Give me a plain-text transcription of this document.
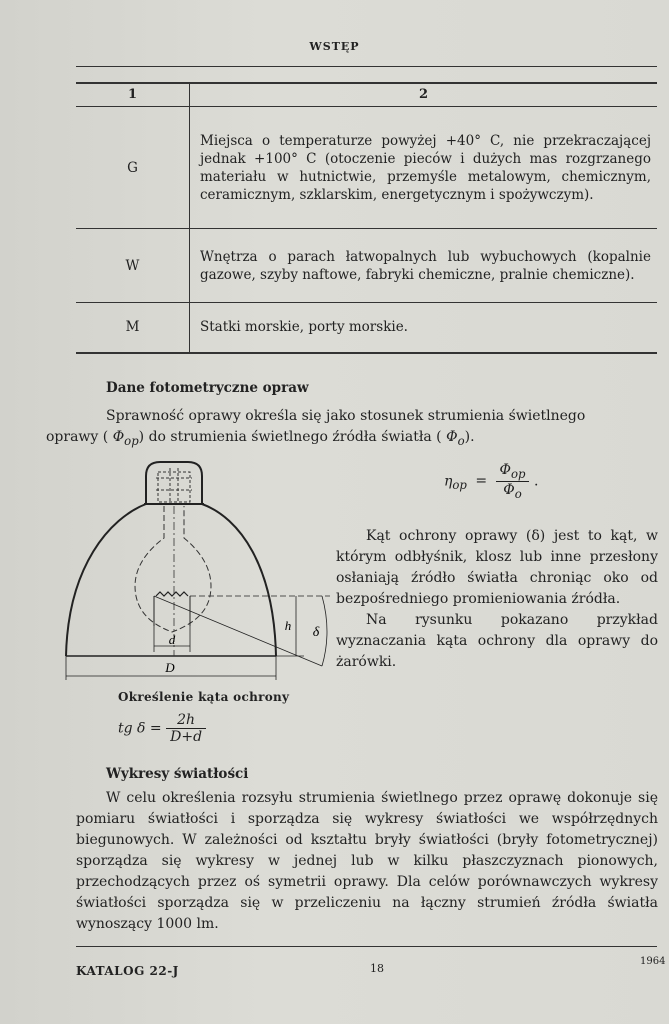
WSTĘP
1	2
G	Miejsca o temperaturze powyżej +40° C, nie przekraczającej jednak +100° C (otoczenie pieców i dużych mas rozgrzanego materiału w hutnictwie, przemyśle metalowym, chemicznym, ceramicznym, szklarskim, energetycznym i spożywczym).
W	Wnętrza o parach łatwopalnych lub wybuchowych (kopalnie gazowe, szyby naftowe, fabryki chemiczne, pralnie chemiczne).
M	Statki morskie, porty morskie.
Dane fotometryczne opraw
Sprawność oprawy określa się jako stosunek strumienia świetlnego
oprawy ( $\Phi_{op}$) do strumienia świetlnego źródła światła ( $\Phi_o$).
$\eta_{op} = \frac{\Phi_{op}}{\Phi_o}$ .
Kąt ochrony oprawy (δ) jest to kąt, w którym odbłyśnik, klosz lub inne przesłony osłaniają źródło światła chroniąc oko od bezpośredniego promieniowania źródła.
Na rysunku pokazano przykład wyznaczania kąta ochrony dla oprawy do żarówki.
d
D
h δ
Określenie kąta ochrony
tg $\delta = \frac{2h}{D+d}$
Wykresy światłości
W celu określenia rozsyłu strumienia świetlnego przez oprawę dokonuje się pomiaru światłości i sporządza się wykresy światłości we współrzędnych biegunowych. W zależności od kształtu bryły światłości (bryły fotometrycznej) sporządza się wykresy w jednej lub w kilku płaszczyznach pionowych, przechodzących przez oś symetrii oprawy. Dla celów porównawczych wykresy światłości sporządza się w przeliczeniu na łączny strumień źródła światła wynoszący 1000 lm.
KATALOG 22-J	18
1964
